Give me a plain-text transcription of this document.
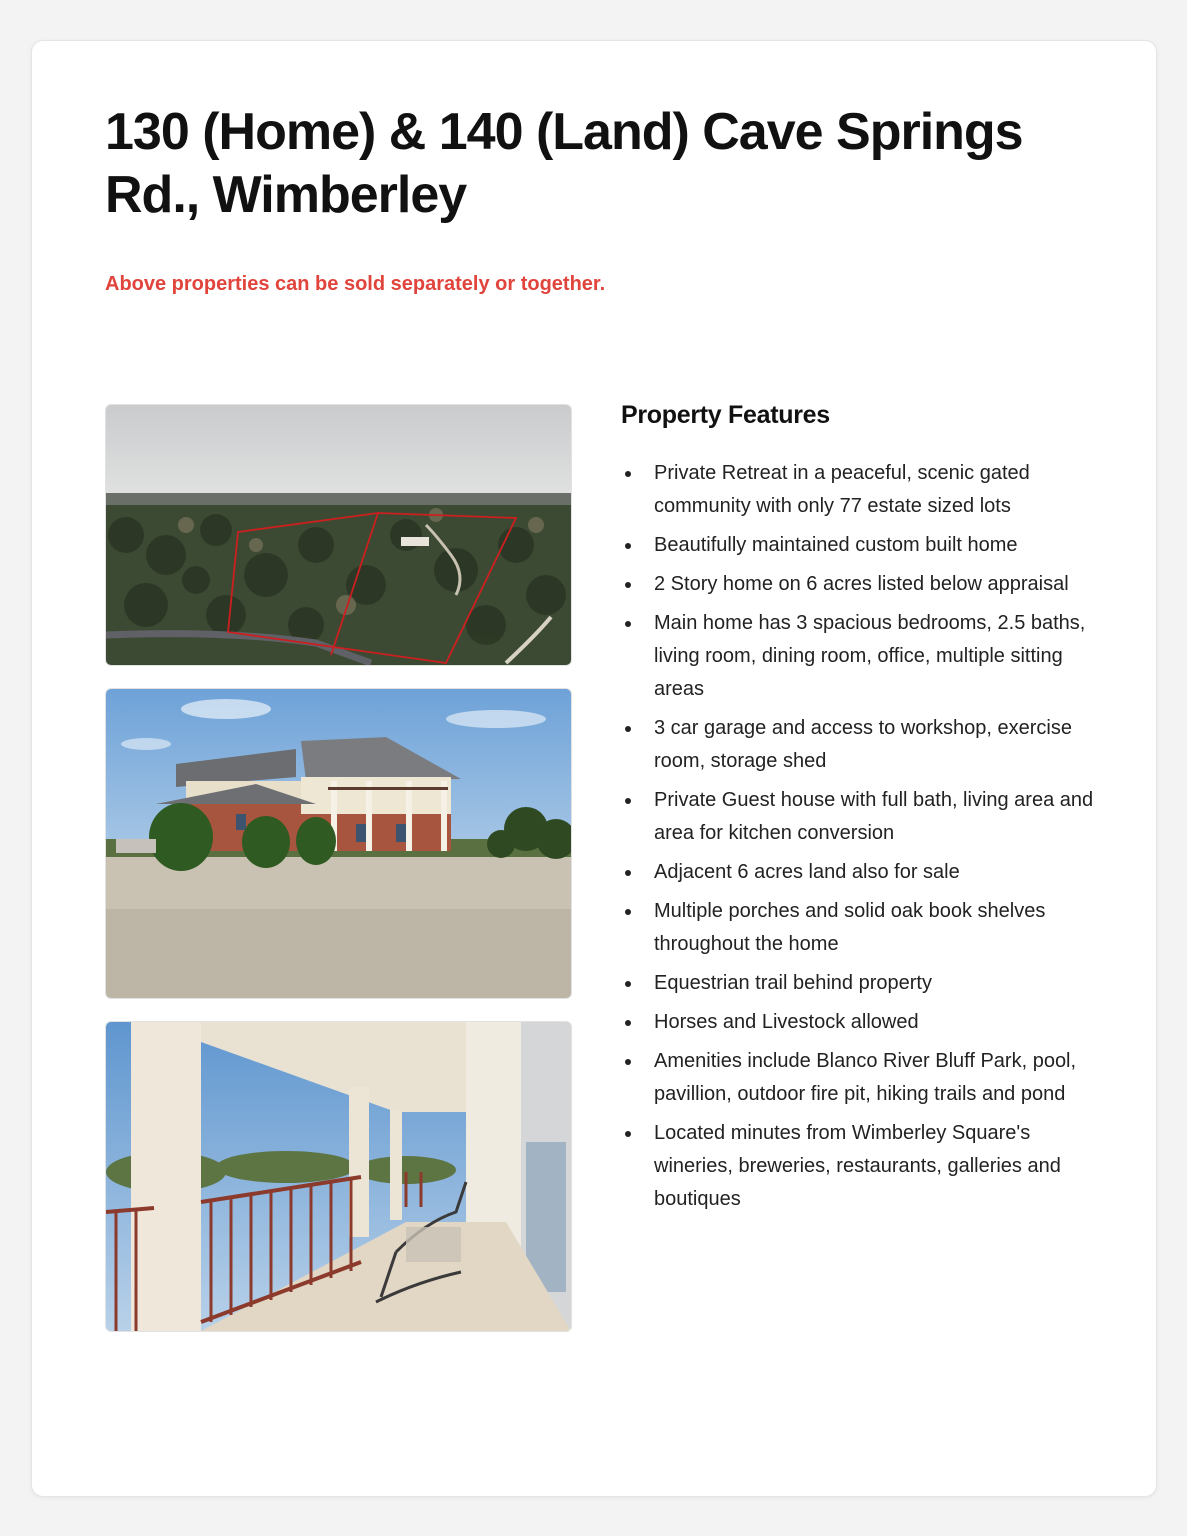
130 (Home) & 140 (Land) Cave Springs Rd., Wimberley

Above properties can be sold separately or together.

Property Features
Private Retreat in a peaceful, scenic gated community with only 77 estate sized lots
Beautifully maintained custom built home
2 Story home on 6 acres listed below appraisal
Main home has 3 spacious bedrooms, 2.5 baths, living room, dining room, office, multiple sitting areas
3 car garage and access to workshop, exercise room, storage shed
Private Guest house with full bath, living area and area for kitchen conversion
Adjacent 6 acres land also for sale
Multiple porches and solid oak book shelves throughout the home
Equestrian trail behind property
Horses and Livestock allowed
Amenities include Blanco River Bluff Park, pool, pavillion, outdoor fire pit, hiking trails and pond
Located minutes from Wimberley Square's wineries, breweries, restaurants, galleries and boutiques
